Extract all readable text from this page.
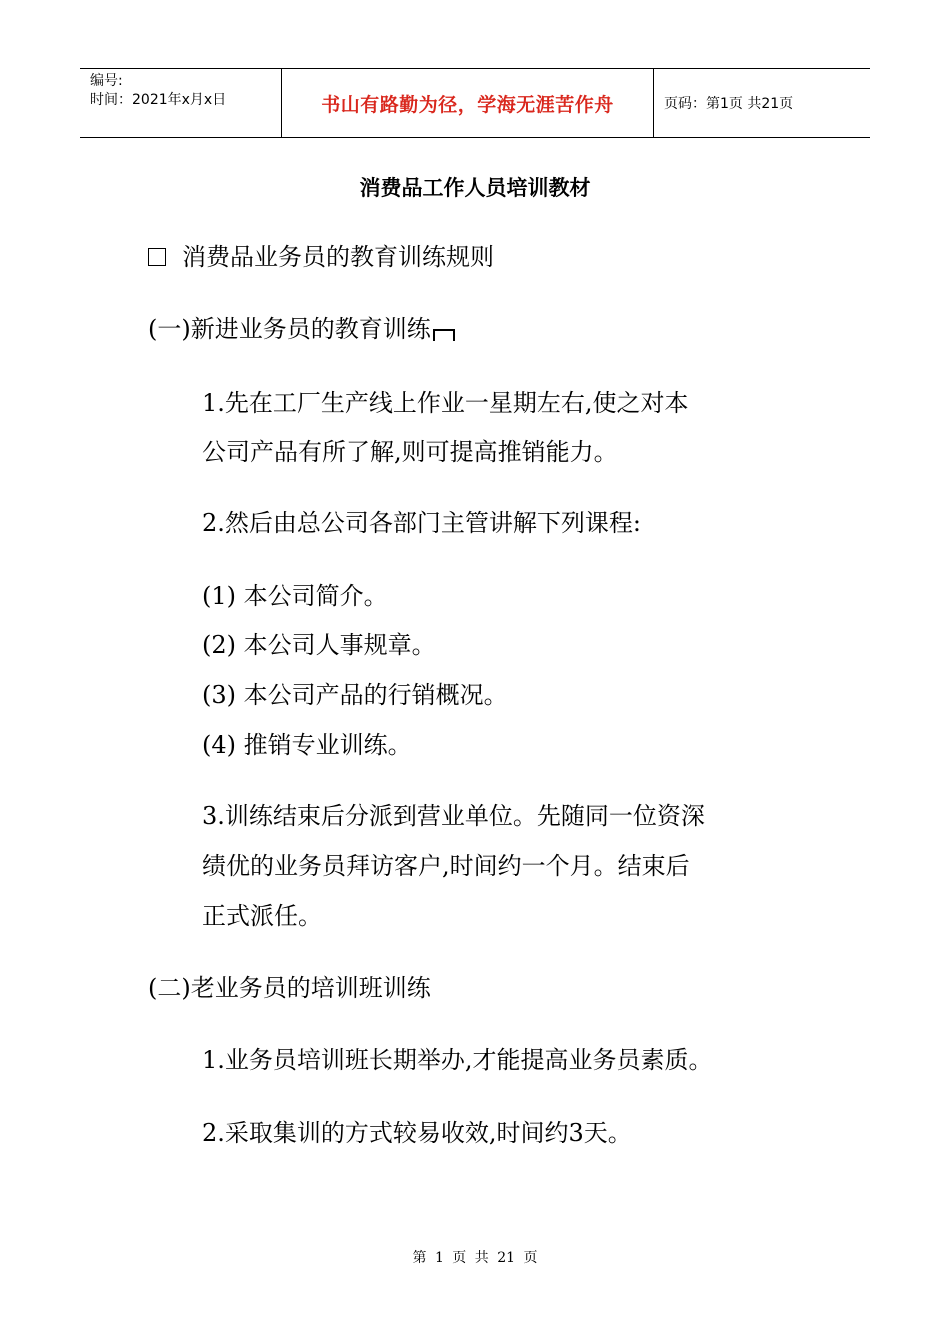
编号:
时间：2021年x月x日	书山有路勤为径，学海无涯苦作舟	页码：第1页 共21页
消费品工作人员培训教材
消费品业务员的教育训练规则
(一)新进业务员的教育训练
1.先在工厂生产线上作业一星期左右,使之对本
公司产品有所了解,则可提高推销能力。
2.然后由总公司各部门主管讲解下列课程:
(1) 本公司简介。
(2) 本公司人事规章。
(3) 本公司产品的行销概况。
(4) 推销专业训练。
3.训练结束后分派到营业单位。先随同一位资深
绩优的业务员拜访客户,时间约一个月。结束后
正式派任。
(二)老业务员的培训班训练
1.业务员培训班长期举办,才能提高业务员素质。
2.采取集训的方式较易收效,时间约3天。
第 1 页 共 21 页
